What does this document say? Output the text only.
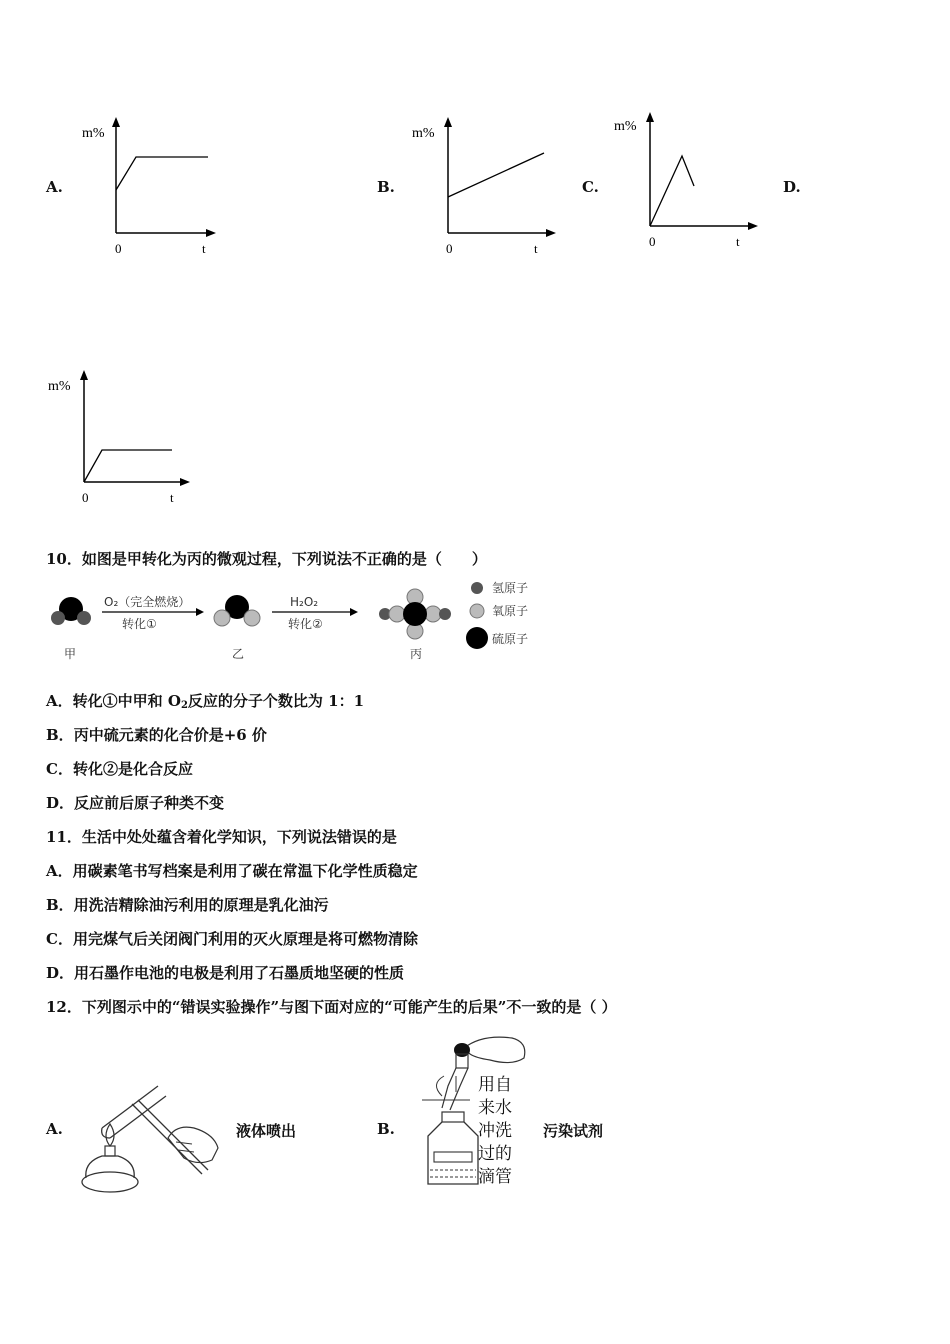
A.
m%
0	t
B.
m%
0	t
C.
m%
0	t
D.
m%
0	t
10．如图是甲转化为丙的微观过程，下列说法不正确的是（　　）
甲
O₂（完全燃烧）
转化①
乙
H₂O₂
转化②
丙
氢原子
氧原子
硫原子
A．转化①中甲和 $O_2$反应的分子个数比为 1：1
B．丙中硫元素的化合价是+6 价
C．转化②是化合反应
D．反应前后原子种类不变
11．生活中处处蕴含着化学知识，下列说法错误的是
A．用碳素笔书写档案是利用了碳在常温下化学性质稳定
B．用洗洁精除油污利用的原理是乳化油污
C．用完煤气后关闭阀门利用的灭火原理是将可燃物清除
D．用石墨作电池的电极是利用了石墨质地坚硬的性质
12．下列图示中的“错误实验操作”与图下面对应的“可能产生的后果”不一致的是（ ）
A.	液体喷出	B.
用自
来水
冲洗
过的
滴管
污染试剂
